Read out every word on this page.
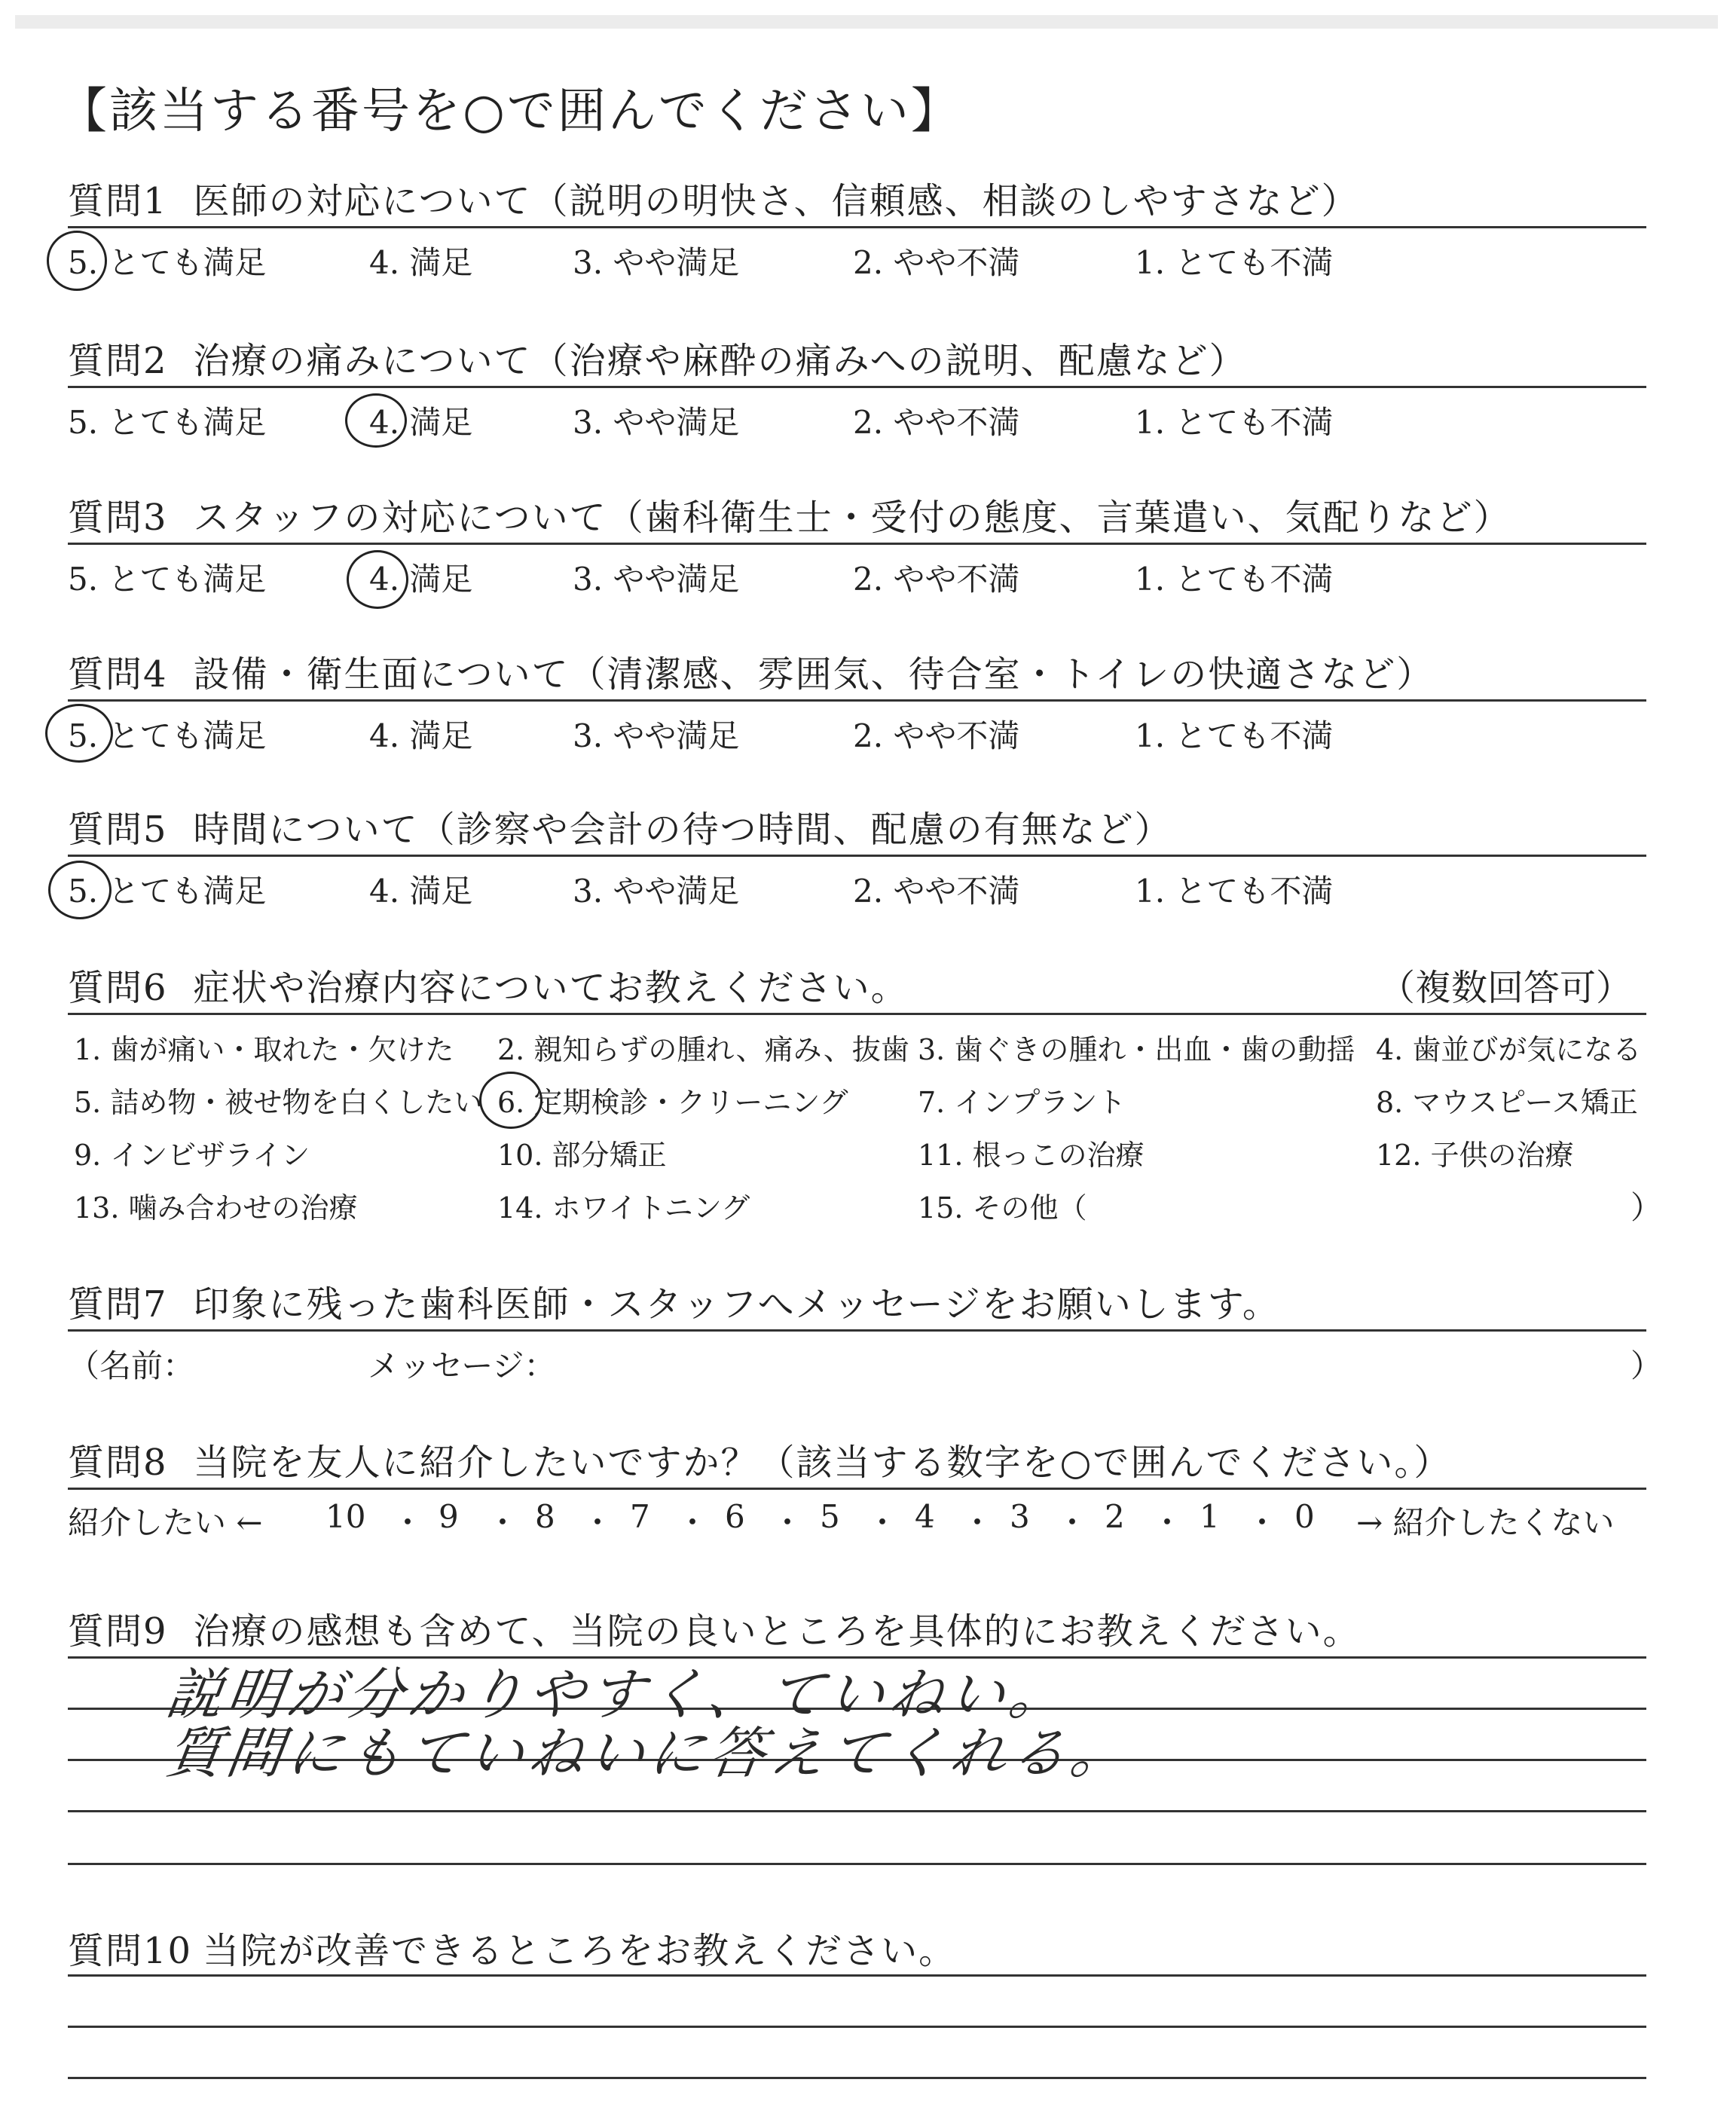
【該当する番号を○で囲んでください】
質問1 医師の対応について（説明の明快さ、信頼感、相談のしやすさなど）
5. とても満足	4. 満足	3. やや満足	2. やや不満	1. とても不満
質問2 治療の痛みについて（治療や麻酔の痛みへの説明、配慮など）
5. とても満足	4. 満足	3. やや満足	2. やや不満	1. とても不満
質問3 スタッフの対応について（歯科衛生士・受付の態度、言葉遣い、気配りなど）
5. とても満足	4. 満足	3. やや満足	2. やや不満	1. とても不満
質問4 設備・衛生面について（清潔感、雰囲気、待合室・トイレの快適さなど）
5. とても満足	4. 満足	3. やや満足	2. やや不満	1. とても不満
質問5 時間について（診察や会計の待つ時間、配慮の有無など）
5. とても満足	4. 満足	3. やや満足	2. やや不満	1. とても不満
質問6 症状や治療内容についてお教えください。	（複数回答可）
1. 歯が痛い・取れた・欠けた 2. 親知らずの腫れ、痛み、抜歯 3. 歯ぐきの腫れ・出血・歯の動揺 4. 歯並びが気になる
5. 詰め物・被せ物を白くしたい 6. 定期検診・クリーニング 7. インプラント	8. マウスピース矯正
9. インビザライン	10. 部分矯正	11. 根っこの治療	12. 子供の治療
13. 噛み合わせの治療	14. ホワイトニング	15. その他（	）
質問7 印象に残った歯科医師・スタッフへメッセージをお願いします。
（名前：	メッセージ：	）
質問8 当院を友人に紹介したいですか？（該当する数字を○で囲んでください。）
紹介したい ← 10 ・ 9 ・ 8 ・ 7 ・ 6 ・ 5 ・ 4 ・ 3 ・ 2 ・ 1 ・ 0 → 紹介したくない
質問9 治療の感想も含めて、当院の良いところを具体的にお教えください。
説明が分かりやすく、ていねい。
質問にもていねいに答えてくれる。
質問10 当院が改善できるところをお教えください。
